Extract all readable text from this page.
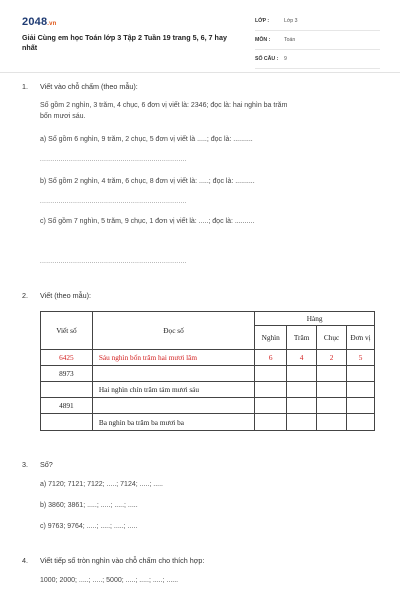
2048.vn
Giải Cùng em học Toán lớp 3 Tập 2 Tuần 19 trang 5, 6, 7 hay nhất
LỚP :	Lớp 3
MÔN :	Toán
SỐ CÂU : 9
1. Viết vào chỗ chấm (theo mẫu):
Số gồm 2 nghìn, 3 trăm, 4 chục, 6 đơn vị viết là: 2346; đọc là: hai nghìn ba trăm
bốn mươi sáu.
a) Số gồm 6 nghìn, 9 trăm, 2 chục, 5 đơn vị viết là .....; đọc là: ..........
.......................................................................
b) Số gồm 2 nghìn, 4 trăm, 6 chục, 8 đơn vị viết là: .....; đọc là: ..........
.......................................................................
c) Số gồm 7 nghìn, 5 trăm, 9 chục, 1 đơn vị viết là: .....; đọc là: ..........
.......................................................................
2. Viết (theo mẫu):
Viết số	Đọc số	Hàng			
		Nghìn	Trăm	Chục	Đơn vị
6425	Sáu nghìn bốn trăm hai mươi lăm	6	4	2	5
8973					
	Hai nghìn chín trăm tám mươi sáu				
4891					
	Ba nghìn ba trăm ba mươi ba				
3. Số?
a) 7120; 7121; 7122; .....; 7124; .....; .....
b) 3860; 3861; .....; .....; .....; .....
c) 9763; 9764; .....; .....; .....; .....
4. Viết tiếp số tròn nghìn vào chỗ chấm cho thích hợp:
1000; 2000; .....; .....; 5000; .....; .....; .....; ......
